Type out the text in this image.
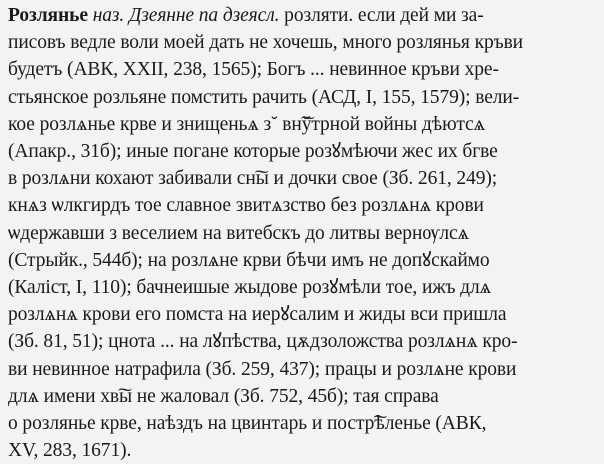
Розлянье наз. Дзеянне па дзеясл. розляти. если дей ми за-
писовъ ведле воли моей дать не хочешь, много розлянья кръви
будетъ (АВК, XXII, 238, 1565); Богъ ... невинное кръви хре-
стьянское розльяне помстить рачить (АСД, I, 155, 1579); вели-
кое розлѧнье крве и знищеньѧ з˘ вн͠ўтрной войны дѣютсѧ
(Апакр., 31б); иные погане которые розꙋмѣючи жес их бгве
в розлѧни кохают забивали сн͠ы и дочки свое (Зб. 261, 249);
кнѧз ѡлкгирдъ тое славное звитѧзство без розлѧнѧ крови
ѡдержавши з веселием на витебскъ до литвы вернѹлсѧ
(Стрыйк., 544б); на розлѧне крви бѣчи имъ не допꙋскаймо
(Каліст, I, 110); бачнеишые жыдове розꙋмѣли тое, ижъ длѧ
розлѧнѧ крови его помста на иерꙋсалим и жиды вси пришла
(Зб. 81, 51); цнота ... на лꙋпѣства, цѫдзоложства розлѧнѧ кро-
ви невинное натрафила (Зб. 259, 437); працы и розлѧне крови
длѧ имени хв͠ы не жаловал (Зб. 752, 45б); тая справа
о розлянье крве, наѣздъ на цвинтарь и постр͠ѣленье (АВК,
XV, 283, 1671).
